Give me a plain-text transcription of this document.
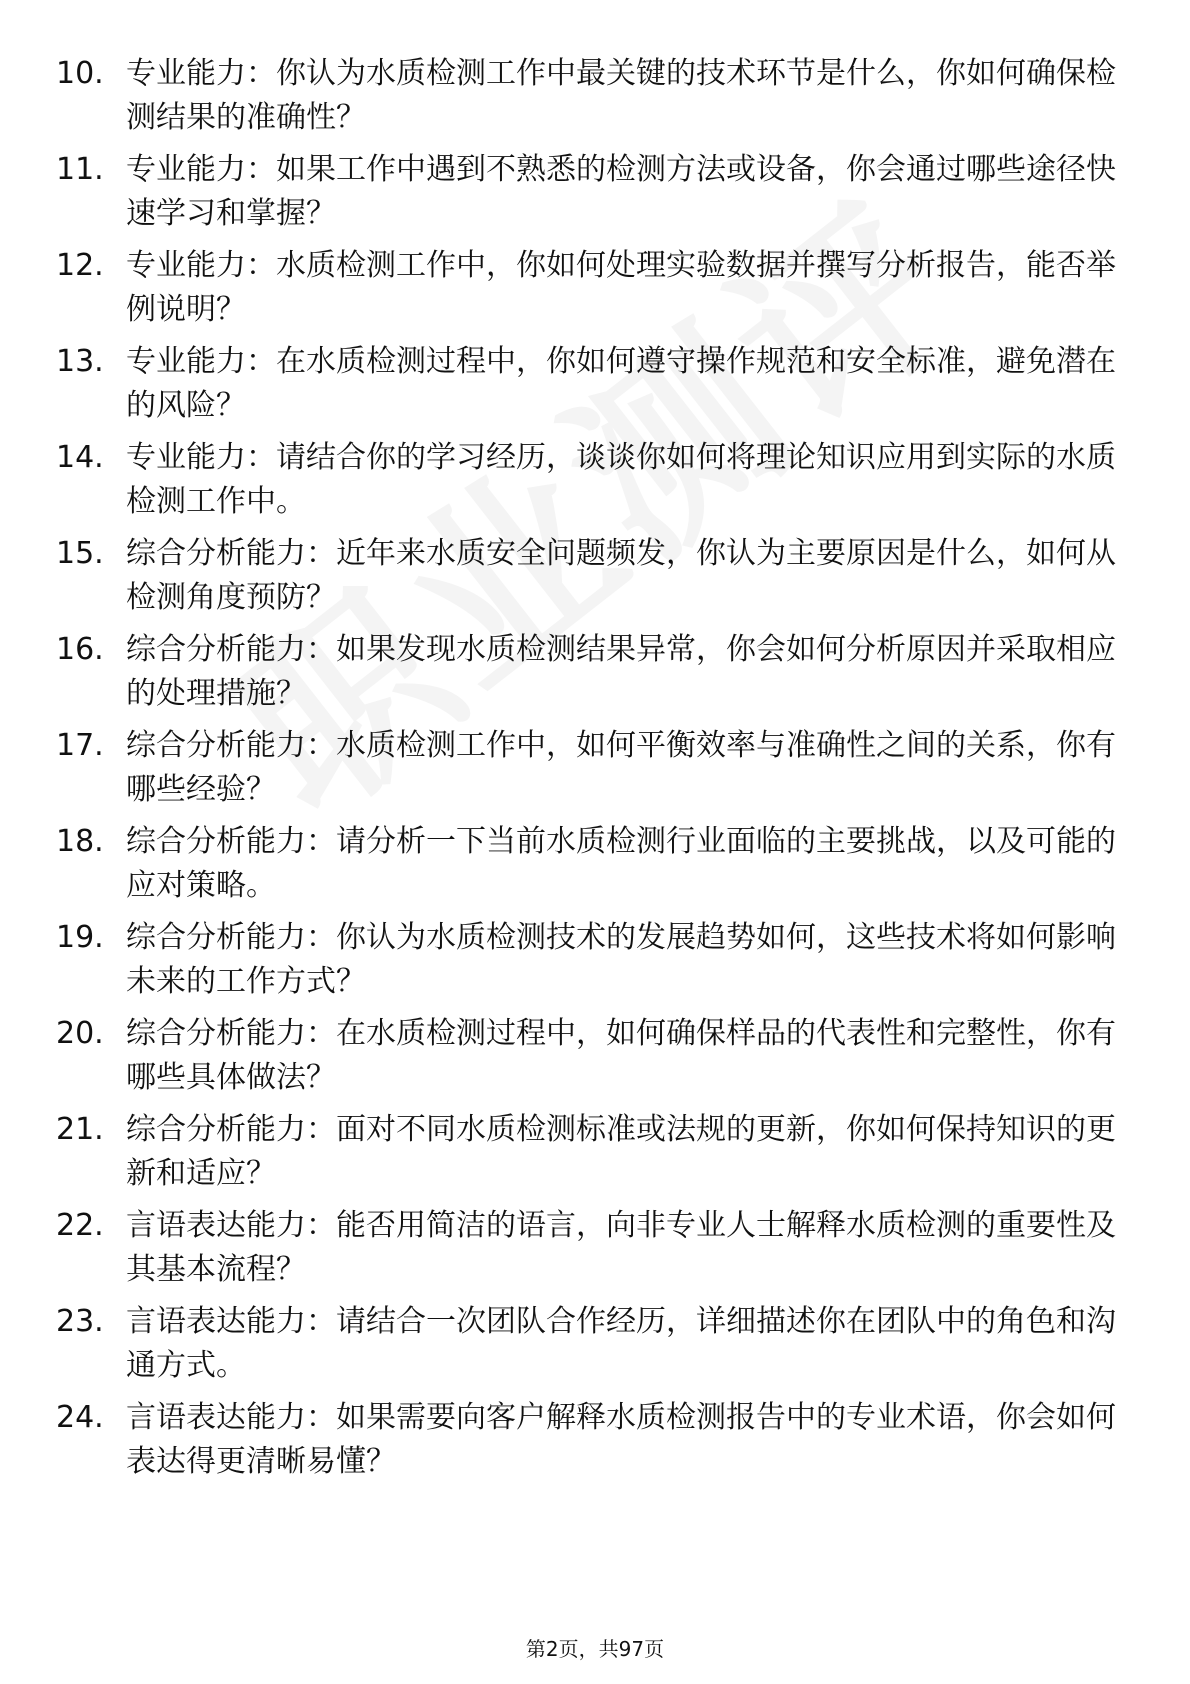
10. 专业能力：你认为水质检测工作中最关键的技术环节是什么，你如何确保检测结果的准确性？

11. 专业能力：如果工作中遇到不熟悉的检测方法或设备，你会通过哪些途径快速学习和掌握？

12. 专业能力：水质检测工作中，你如何处理实验数据并撰写分析报告，能否举例说明？

13. 专业能力：在水质检测过程中，你如何遵守操作规范和安全标准，避免潜在的风险？

14. 专业能力：请结合你的学习经历，谈谈你如何将理论知识应用到实际的水质检测工作中。

15. 综合分析能力：近年来水质安全问题频发，你认为主要原因是什么，如何从检测角度预防？

16. 综合分析能力：如果发现水质检测结果异常，你会如何分析原因并采取相应的处理措施？

17. 综合分析能力：水质检测工作中，如何平衡效率与准确性之间的关系，你有哪些经验？

18. 综合分析能力：请分析一下当前水质检测行业面临的主要挑战，以及可能的应对策略。

19. 综合分析能力：你认为水质检测技术的发展趋势如何，这些技术将如何影响未来的工作方式？

20. 综合分析能力：在水质检测过程中，如何确保样品的代表性和完整性，你有哪些具体做法？

21. 综合分析能力：面对不同水质检测标准或法规的更新，你如何保持知识的更新和适应？

22. 言语表达能力：能否用简洁的语言，向非专业人士解释水质检测的重要性及其基本流程？

23. 言语表达能力：请结合一次团队合作经历，详细描述你在团队中的角色和沟通方式。

24. 言语表达能力：如果需要向客户解释水质检测报告中的专业术语，你会如何表达得更清晰易懂？

第2页，共97页
